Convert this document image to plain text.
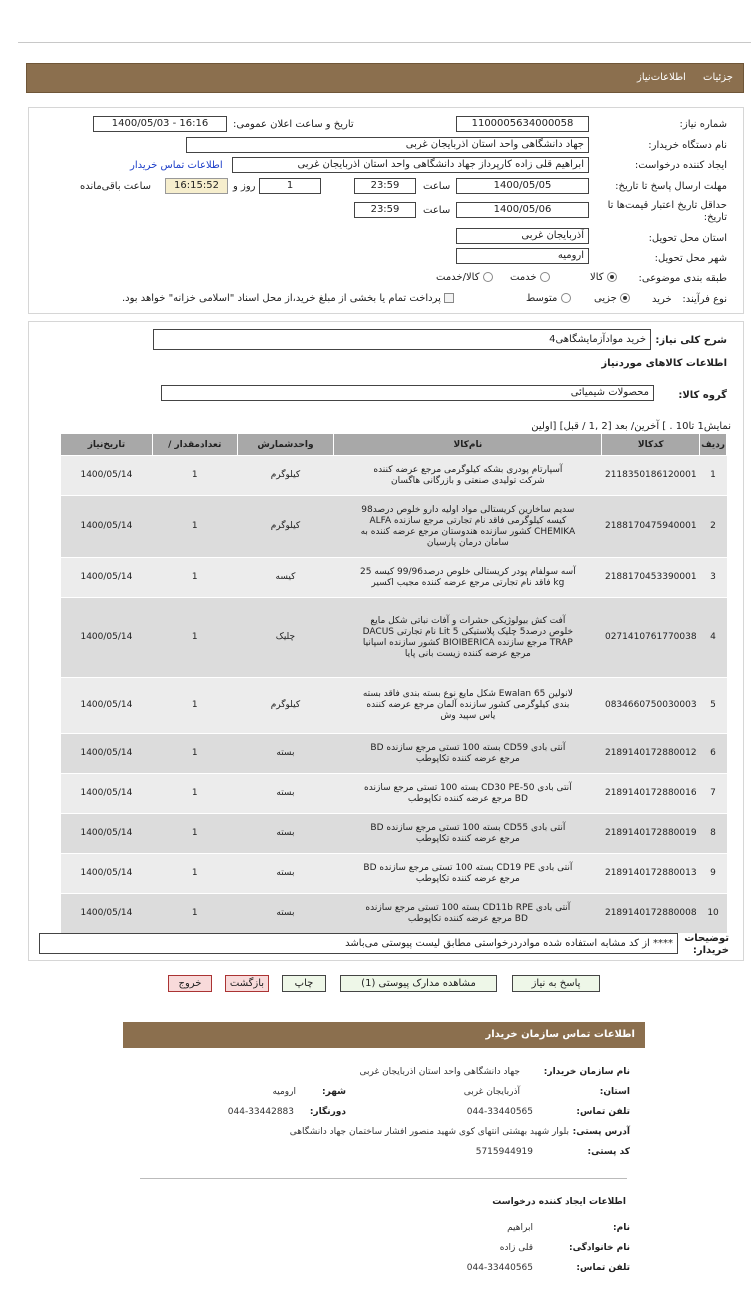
جزئیات اطلاعات‌نیاز
شماره نیاز:
1100005634000058
تاریخ و ساعت اعلان عمومی:
1400/05/03 - 16:16
نام دستگاه خریدار:
جهاد دانشگاهی واحد استان اذربایجان غربی
ایجاد کننده درخواست:
ابراهیم قلی زاده کارپرداز جهاد دانشگاهی واحد استان اذربایجان غربی
اطلاعات تماس خریدار
مهلت ارسال پاسخ تا تاریخ:
1400/05/05
ساعت
23:59
1
روز و
16:15:52
ساعت باقی‌مانده
حداقل تاریخ اعتبار قیمت‌ها تا تاریخ:
1400/05/06
ساعت
23:59
استان محل تحویل:
آذربایجان غربی
شهر محل تحویل:
ارومیه
طبقه بندی موضوعی:
کالا
خدمت
کالا/خدمت
نوع فرآیند:
خرید
جزیی
متوسط
پرداخت تمام یا بخشی از مبلغ خرید،از محل اسناد "اسلامی خزانه" خواهد بود.
شرح کلی نیاز:
خرید موادآزمایشگاهی4
اطلاعات کالاهای موردنیاز
گروه کالا:
محصولات شیمیائی
نمایش1 تا10 . ] آخرین/ بعد [2 ,1 / قبل] [اولین
ردیف	کدکالا	نام‌کالا	واحدشمارش	تعدادمقدار /	تاریخ‌نیاز
1	2118350186120001	آسپارتام پودری بشکه کیلوگرمی مرجع عرضه کننده شرکت تولیدی صنعتی و بازرگانی هاگسان	کیلوگرم	1	1400/05/14
2	2188170475940001	سدیم ساخارین کریستالی مواد اولیه دارو خلوص درصد98 کیسه کیلوگرمی فاقد نام تجارتی مرجع سازنده ALFA CHEMIKA کشور سازنده هندوستان مرجع عرضه کننده به سامان درمان پارسیان	کیلوگرم	1	1400/05/14
3	2188170453390001	آسه سولفام پودر کریستالی خلوص درصد99/96 کیسه 25 kg فاقد نام تجارتی مرجع عرضه کننده مجیب اکسیر	کیسه	1	1400/05/14
4	0271410761770038	آفت کش بیولوژیکی حشرات و آفات نباتی شکل مایع خلوص درصد5 چلیک پلاستیکی 5 Lit نام تجارتی DACUS TRAP مرجع سازنده BIOIBERICA کشور سازنده اسپانیا مرجع عرضه کننده زیست بانی پایا	چلیک	1	1400/05/14
5	0834660750030003	لانولین Ewalan 65 شکل مایع نوع بسته بندی فاقد بسته بندی کیلوگرمی کشور سازنده آلمان مرجع عرضه کننده یاس سپید وش	کیلوگرم	1	1400/05/14
6	2189140172880012	آنتی بادی CD59 بسته 100 تستی مرجع سازنده BD مرجع عرضه کننده تکاپوطب	بسته	1	1400/05/14
7	2189140172880016	آنتی بادی CD30 PE-50 بسته 100 تستی مرجع سازنده BD مرجع عرضه کننده تکاپوطب	بسته	1	1400/05/14
8	2189140172880019	آنتی بادی CD55 بسته 100 تستی مرجع سازنده BD مرجع عرضه کننده تکاپوطب	بسته	1	1400/05/14
9	2189140172880013	آنتی بادی CD19 PE بسته 100 تستی مرجع سازنده BD مرجع عرضه کننده تکاپوطب	بسته	1	1400/05/14
10	2189140172880008	آنتی بادی CD11b RPE بسته 100 تستی مرجع سازنده BD مرجع عرضه کننده تکاپوطب	بسته	1	1400/05/14
توضیحات خریدار:
**** از کد مشابه استفاده شده موادردرخواستی مطابق لیست پیوستی می‌باشد
پاسخ به نیاز
مشاهده مدارک پیوستی (1)
چاپ
بازگشت
خروج
اطلاعات تماس سازمان خریدار
نام سازمان خریدار:
جهاد دانشگاهی واحد استان اذربایجان غربی
استان:
آذربایجان غربی
شهر:
ارومیه
تلفن تماس:
044-33440565
دورنگار:
044-33442883
آدرس پستی:
بلوار شهید بهشتی انتهای کوی شهید منصور افشار ساختمان جهاد دانشگاهی
کد پستی:
5715944919
اطلاعات ایجاد کننده درخواست
نام:
ابراهیم
نام خانوادگی:
قلی زاده
تلفن تماس:
044-33440565
